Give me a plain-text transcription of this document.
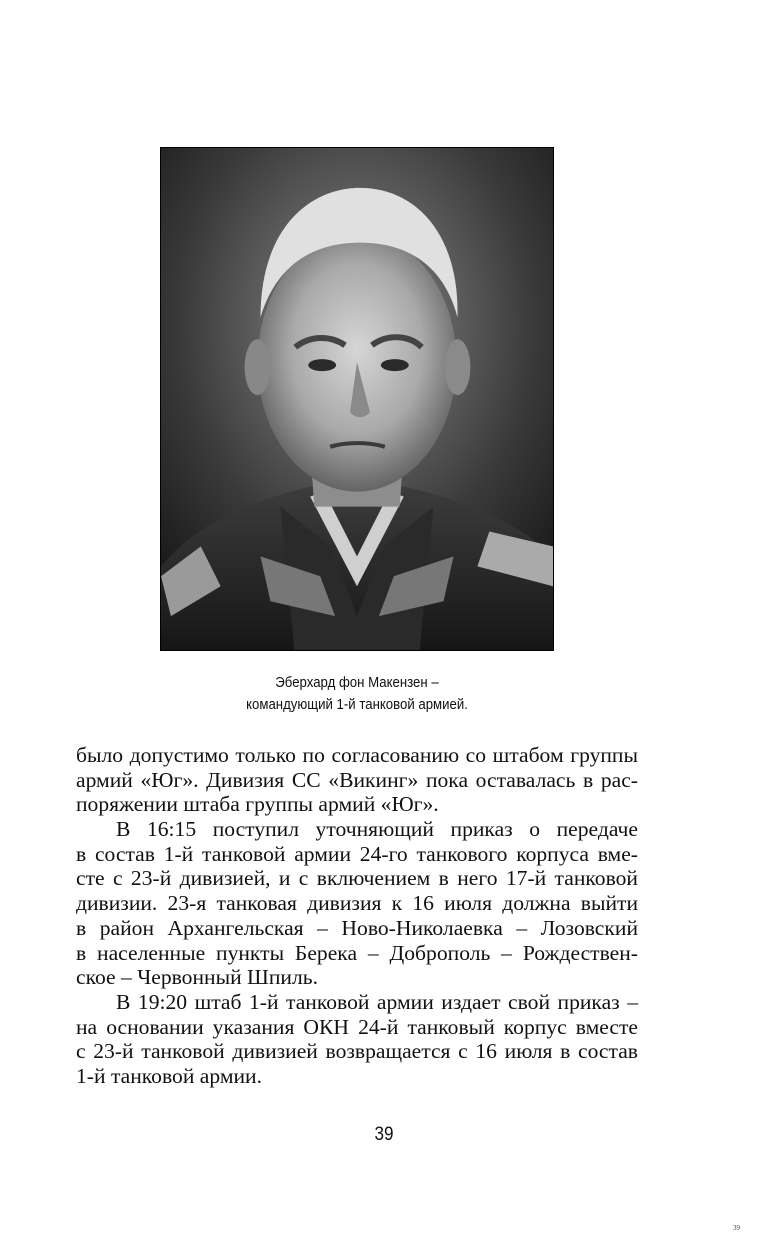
Эберхард фон Макензен –
командующий 1-й танковой армией.
было допустимо только по согласованию со штабом группы
армий «Юг». Дивизия СС «Викинг» пока оставалась в рас-
поряжении штаба группы армий «Юг».
В 16:15 поступил уточняющий приказ о передаче
в состав 1-й танковой армии 24-го танкового корпуса вме-
сте с 23-й дивизией, и с включением в него 17-й танковой
дивизии. 23-я танковая дивизия к 16 июля должна выйти
в район Архангельская – Ново-Николаевка – Лозовский
в населенные пункты Берека – Доброполь – Рождествен-
ское – Червонный Шпиль.
В 19:20 штаб 1-й танковой армии издает свой приказ –
на основании указания ОКН 24-й танковый корпус вместе
с 23-й танковой дивизией возвращается с 16 июля в состав
1-й танковой армии.
39
39
